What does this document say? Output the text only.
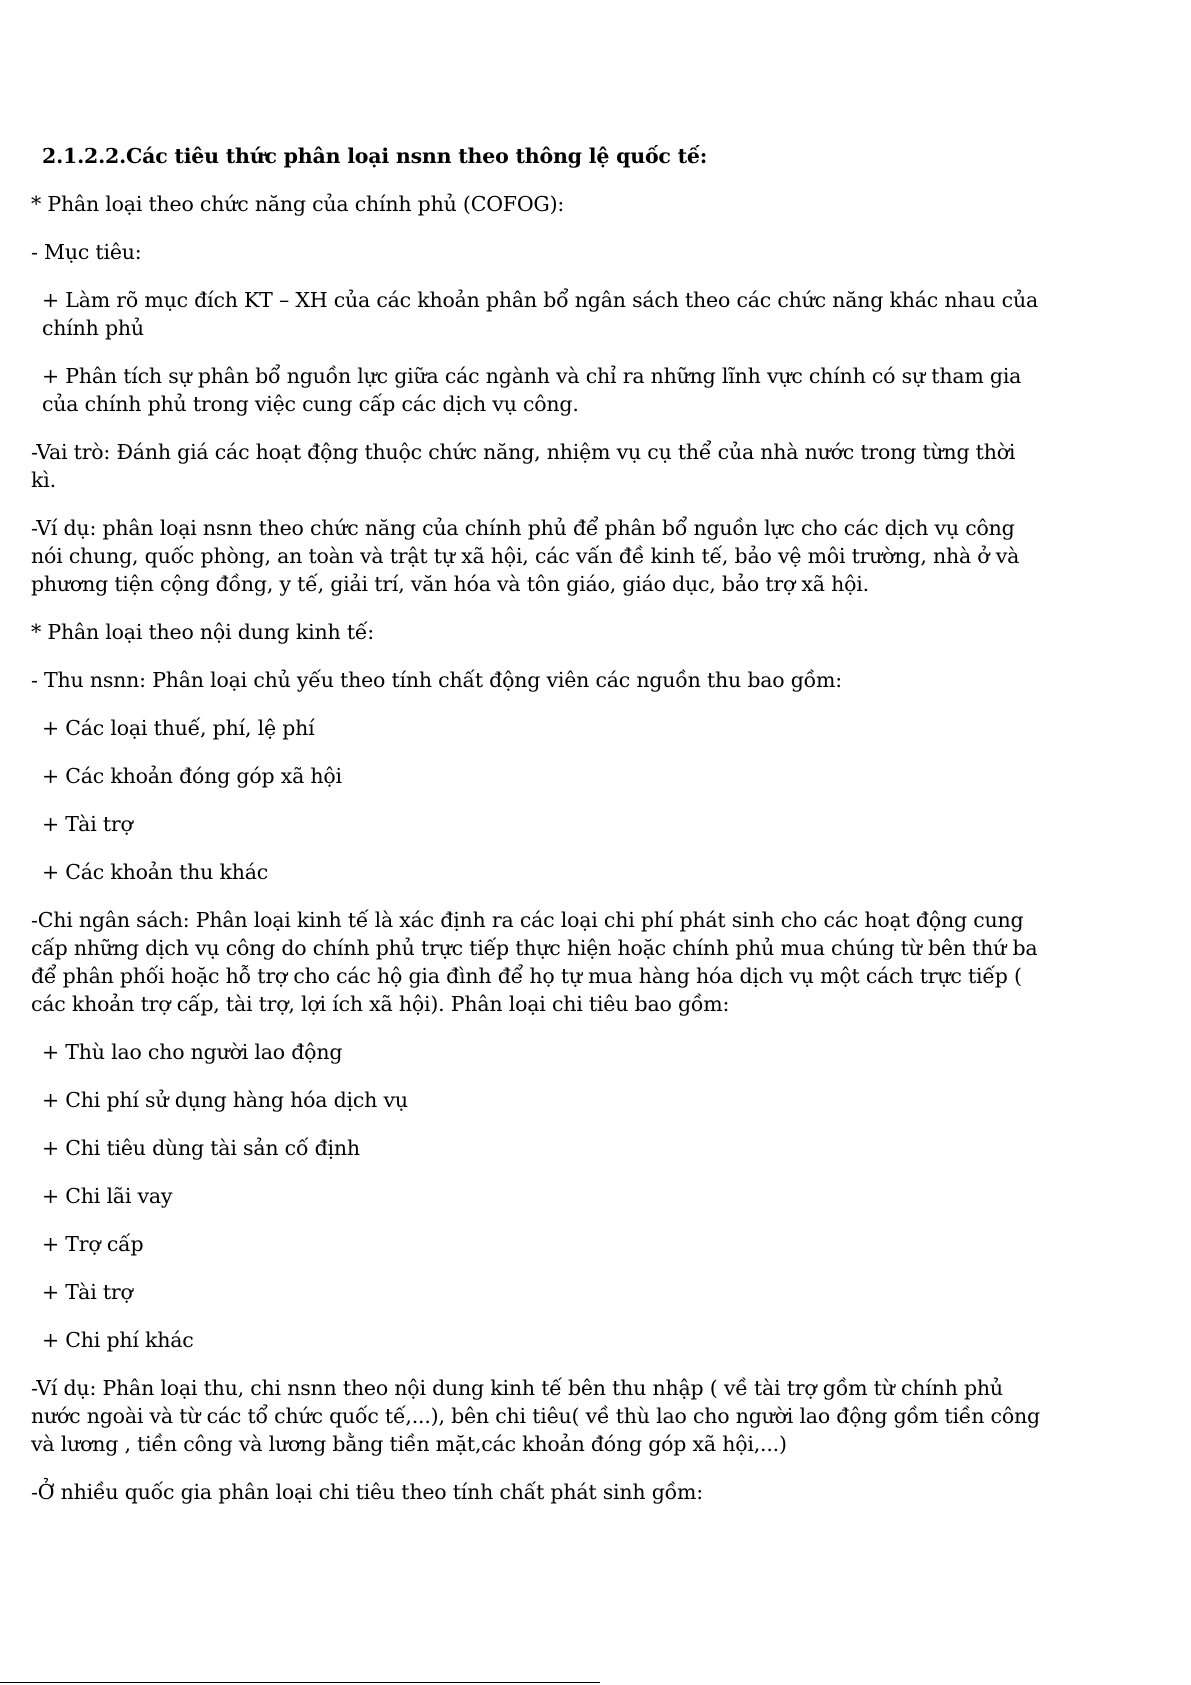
2.1.2.2.Các tiêu thức phân loại nsnn theo thông lệ quốc tế:

* Phân loại theo chức năng của chính phủ (COFOG):

- Mục tiêu:

+ Làm rõ mục đích KT – XH của các khoản phân bổ ngân sách theo các chức năng khác nhau của chính phủ

+ Phân tích sự phân bổ nguồn lực giữa các ngành và chỉ ra những lĩnh vực chính có sự tham gia của chính phủ trong việc cung cấp các dịch vụ công.

-Vai trò: Đánh giá các hoạt động thuộc chức năng, nhiệm vụ cụ thể của nhà nước trong từng thời kì.

-Ví dụ: phân loại nsnn theo chức năng của chính phủ để phân bổ nguồn lực cho các dịch vụ công nói chung, quốc phòng, an toàn và trật tự xã hội, các vấn đề kinh tế, bảo vệ môi trường, nhà ở và phương tiện cộng đồng, y tế, giải trí, văn hóa và tôn giáo, giáo dục, bảo trợ xã hội.

* Phân loại theo nội dung kinh tế:

- Thu nsnn: Phân loại chủ yếu theo tính chất động viên các nguồn thu bao gồm:

+ Các loại thuế, phí, lệ phí

+ Các khoản đóng góp xã hội

+ Tài trợ

+ Các khoản thu khác

-Chi ngân sách: Phân loại kinh tế là xác định ra các loại chi phí phát sinh cho các hoạt động cung cấp những dịch vụ công do chính phủ trực tiếp thực hiện hoặc chính phủ mua chúng từ bên thứ ba để phân phối hoặc hỗ trợ cho các hộ gia đình để họ tự mua hàng hóa dịch vụ một cách trực tiếp ( các khoản trợ cấp, tài trợ, lợi ích xã hội). Phân loại chi tiêu bao gồm:

+ Thù lao cho người lao động

+ Chi phí sử dụng hàng hóa dịch vụ

+ Chi tiêu dùng tài sản cố định

+ Chi lãi vay

+ Trợ cấp

+ Tài trợ

+ Chi phí khác

-Ví dụ: Phân loại thu, chi nsnn theo nội dung kinh tế bên thu nhập ( về tài trợ gồm từ chính phủ nước ngoài và từ các tổ chức quốc tế,...), bên chi tiêu( về thù lao cho người lao động gồm tiền công và lương , tiền công và lương bằng tiền mặt,các khoản đóng góp xã hội,...)

-Ở nhiều quốc gia phân loại chi tiêu theo tính chất phát sinh gồm:
